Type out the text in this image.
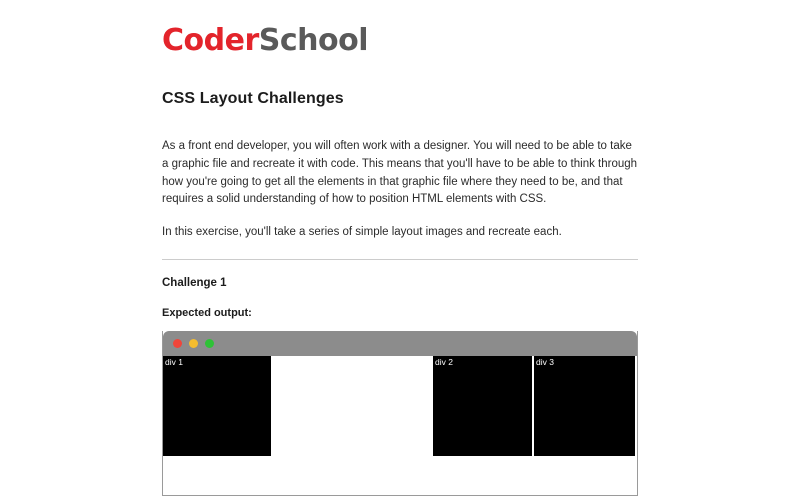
CoderSchool
CSS Layout Challenges

As a front end developer, you will often work with a designer. You will need to be able to take a graphic file and recreate it with code. This means that you'll have to be able to think through how you're going to get all the elements in that graphic file where they need to be, and that requires a solid understanding of how to position HTML elements with CSS.

In this exercise, you'll take a series of simple layout images and recreate each.

Challenge 1
Expected output:
div 1	div 2	div 3
